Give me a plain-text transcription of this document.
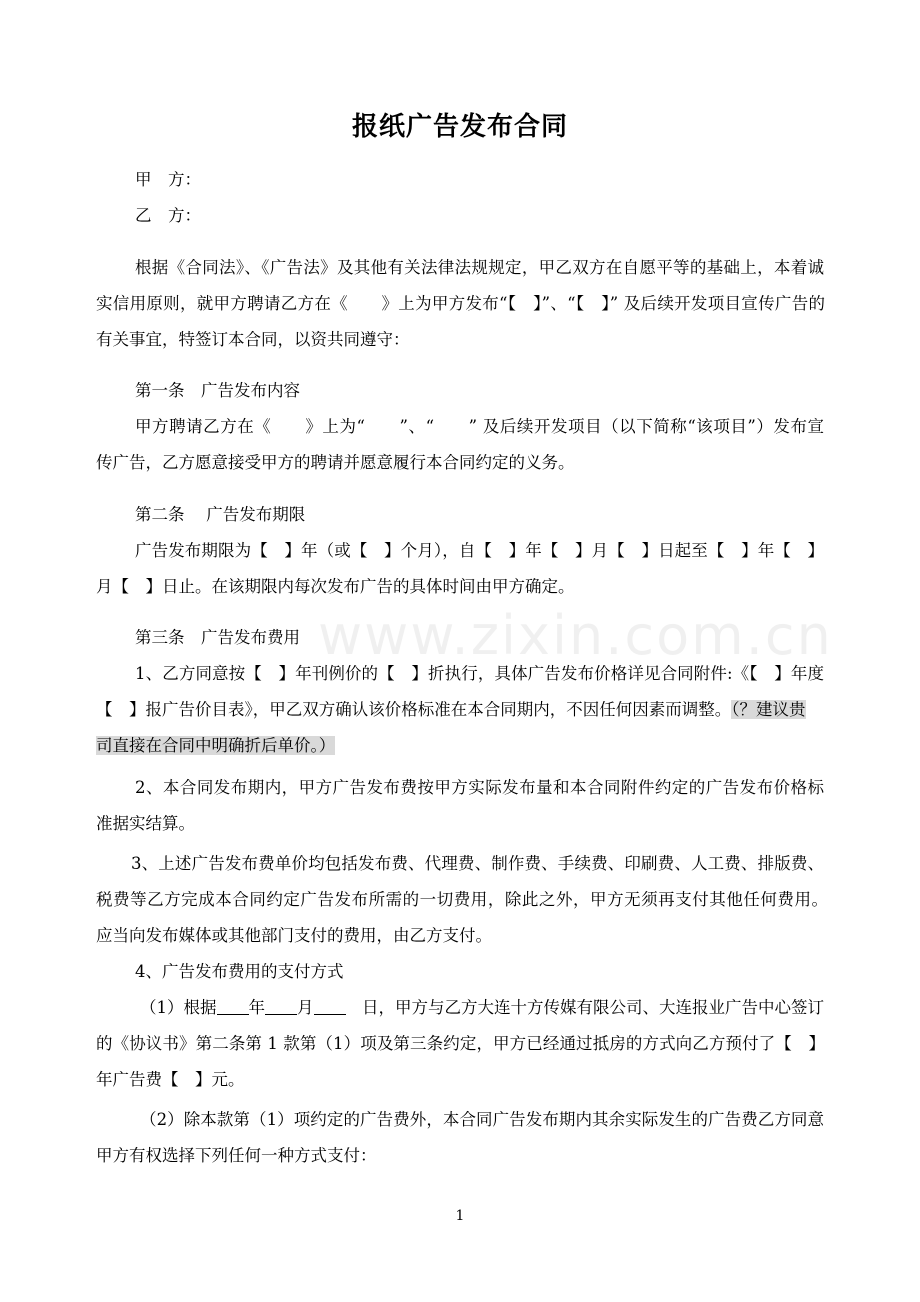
报纸广告发布合同
甲　方：
乙　方：
根据《合同法》、《广告法》及其他有关法律法规规定，甲乙双方在自愿平等的基础上，本着诚
实信用原则，就甲方聘请乙方在《　　》上为甲方发布“【　】”、“【　】” 及后续开发项目宣传广告的
有关事宜，特签订本合同，以资共同遵守：
第一条　广告发布内容
甲方聘请乙方在《　　》上为“　　”、“　　” 及后续开发项目（以下简称“该项目”）发布宣
传广告，乙方愿意接受甲方的聘请并愿意履行本合同约定的义务。
第二条　 广告发布期限
广告发布期限为【　】年（或【　】个月），自【　】年【　】月【　】日起至【　】年【　】
月【　】日止。在该期限内每次发布广告的具体时间由甲方确定。
第三条　广告发布费用
1、乙方同意按【　】年刊例价的【　】折执行，具体广告发布价格详见合同附件:《【　】年度
【　】报广告价目表》，甲乙双方确认该价格标准在本合同期内，不因任何因素而调整。（？建议贵
司直接在合同中明确折后单价。）
2、本合同发布期内，甲方广告发布费按甲方实际发布量和本合同附件约定的广告发布价格标
准据实结算。
3、上述广告发布费单价均包括发布费、代理费、制作费、手续费、印刷费、人工费、排版费、
税费等乙方完成本合同约定广告发布所需的一切费用，除此之外，甲方无须再支付其他任何费用。
应当向发布媒体或其他部门支付的费用，由乙方支付。
4、广告发布费用的支付方式
（1）根据 年 月	日，甲方与乙方大连十方传媒有限公司、大连报业广告中心签订
的《协议书》第二条第 1 款第（1）项及第三条约定，甲方已经通过抵房的方式向乙方预付了【　】
年广告费【　】元。
（2）除本款第（1）项约定的广告费外，本合同广告发布期内其余实际发生的广告费乙方同意
甲方有权选择下列任何一种方式支付：
www.zixin.com.cn
1
